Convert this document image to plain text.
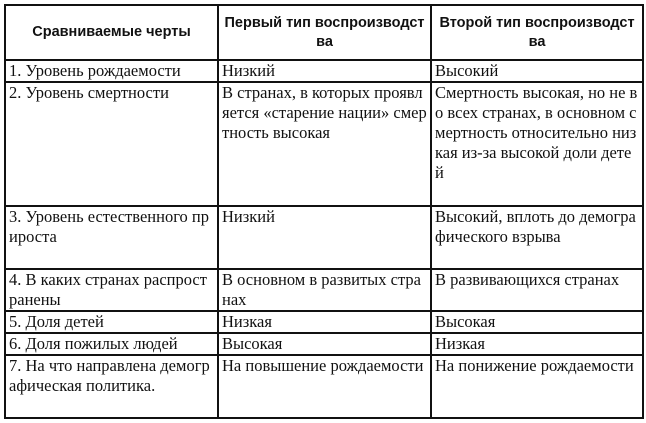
Сравниваемые черты	Первый тип воспроизводства	Второй тип воспроизводства
1. Уровень рождаемости	Низкий	Высокий
2. Уровень смертности	В странах, в которых проявляется «старение нации» смертность высокая	Смертность высокая, но не во всех странах, в основном смертность относительно низкая из-за высокой доли детей
3. Уровень естественного прироста	Низкий	Высокий, вплоть до демографического взрыва
4. В каких странах распространены	В основном в развитых странах	В развивающихся странах
5. Доля детей	Низкая	Высокая
6. Доля пожилых людей	Высокая	Низкая
7. На что направлена демографическая политика.	На повышение рождаемости	На понижение рождаемости
